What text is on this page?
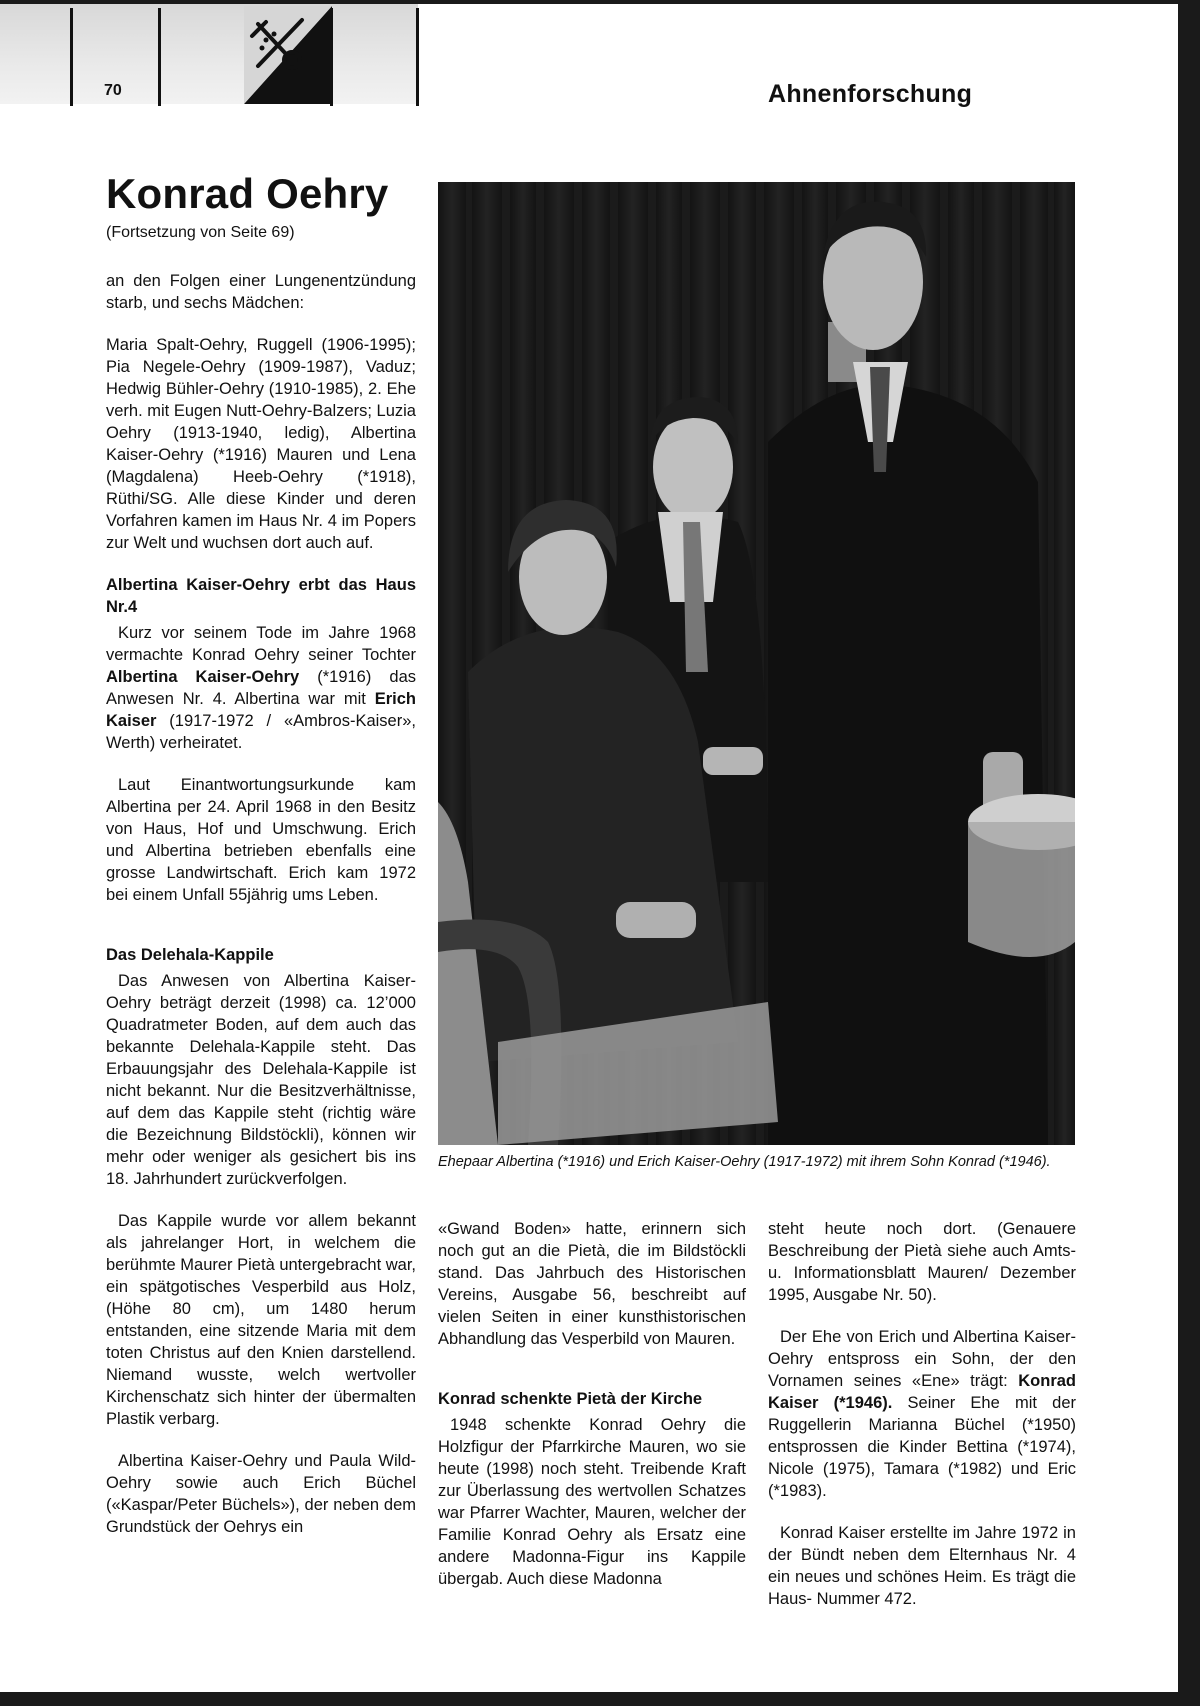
70	Ahnenforschung
Konrad Oehry

(Fortsetzung von Seite 69)

an den Folgen einer Lungenentzündung starb, und sechs Mädchen:

Maria Spalt-Oehry, Ruggell (1906-1995); Pia Negele-Oehry (1909-1987), Vaduz; Hedwig Bühler-Oehry (1910-1985), 2. Ehe verh. mit Eugen Nutt-Oehry-Balzers; Luzia Oehry (1913-1940, ledig), Albertina Kaiser-Oehry (*1916) Mauren und Lena (Magdalena) Heeb-Oehry (*1918), Rüthi/SG. Alle diese Kinder und deren Vorfahren kamen im Haus Nr. 4 im Popers zur Welt und wuchsen dort auch auf.

Albertina Kaiser-Oehry erbt das Haus Nr.4

Kurz vor seinem Tode im Jahre 1968 vermachte Konrad Oehry seiner Tochter Albertina Kaiser-Oehry (*1916) das Anwesen Nr. 4. Albertina war mit Erich Kaiser (1917-1972 / «Ambros-Kaiser», Werth) verheiratet.

Laut Einantwortungsurkunde kam Albertina per 24. April 1968 in den Besitz von Haus, Hof und Umschwung. Erich und Albertina betrieben ebenfalls eine grosse Landwirtschaft. Erich kam 1972 bei einem Unfall 55jährig ums Leben.

Das Delehala-Kappile

Das Anwesen von Albertina Kaiser-Oehry beträgt derzeit (1998) ca. 12’000 Quadratmeter Boden, auf dem auch das bekannte Delehala-Kappile steht. Das Erbauungsjahr des Delehala-Kappile ist nicht bekannt. Nur die Besitzverhältnisse, auf dem das Kappile steht (richtig wäre die Bezeichnung Bildstöckli), können wir mehr oder weniger als gesichert bis ins 18. Jahrhundert zurückverfolgen.

Das Kappile wurde vor allem bekannt als jahrelanger Hort, in welchem die berühmte Maurer Pietà untergebracht war, ein spätgotisches Vesperbild aus Holz, (Höhe 80 cm), um 1480 herum entstanden, eine sitzende Maria mit dem toten Christus auf den Knien darstellend. Niemand wusste, welch wertvoller Kirchenschatz sich hinter der übermalten Plastik verbarg.

Albertina Kaiser-Oehry und Paula Wild- Oehry sowie auch Erich Büchel («Kaspar/Peter Büchels»), der neben dem Grundstück der Oehrys ein

Ehepaar Albertina (*1916) und Erich Kaiser-Oehry (1917-1972) mit ihrem Sohn Konrad (*1946).

«Gwand Boden» hatte, erinnern sich noch gut an die Pietà, die im Bildstöckli stand. Das Jahrbuch des Historischen Vereins, Ausgabe 56, beschreibt auf vielen Seiten in einer kunsthistorischen Abhandlung das Vesperbild von Mauren.

Konrad schenkte Pietà der Kirche

1948 schenkte Konrad Oehry die Holzfigur der Pfarrkirche Mauren, wo sie heute (1998) noch steht. Treibende Kraft zur Überlassung des wertvollen Schatzes war Pfarrer Wachter, Mauren, welcher der Familie Konrad Oehry als Ersatz eine andere Madonna-Figur ins Kappile übergab. Auch diese Madonna

steht heute noch dort. (Genauere Beschreibung der Pietà siehe auch Amts- u. Informationsblatt Mauren/ Dezember 1995, Ausgabe Nr. 50).

Der Ehe von Erich und Albertina Kaiser-Oehry entspross ein Sohn, der den Vornamen seines «Ene» trägt: Konrad Kaiser (*1946). Seiner Ehe mit der Ruggellerin Marianna Büchel (*1950) entsprossen die Kinder Bettina (*1974), Nicole (1975), Tamara (*1982) und Eric (*1983).

Konrad Kaiser erstellte im Jahre 1972 in der Bündt neben dem Elternhaus Nr. 4 ein neues und schönes Heim. Es trägt die Haus- Nummer 472.
